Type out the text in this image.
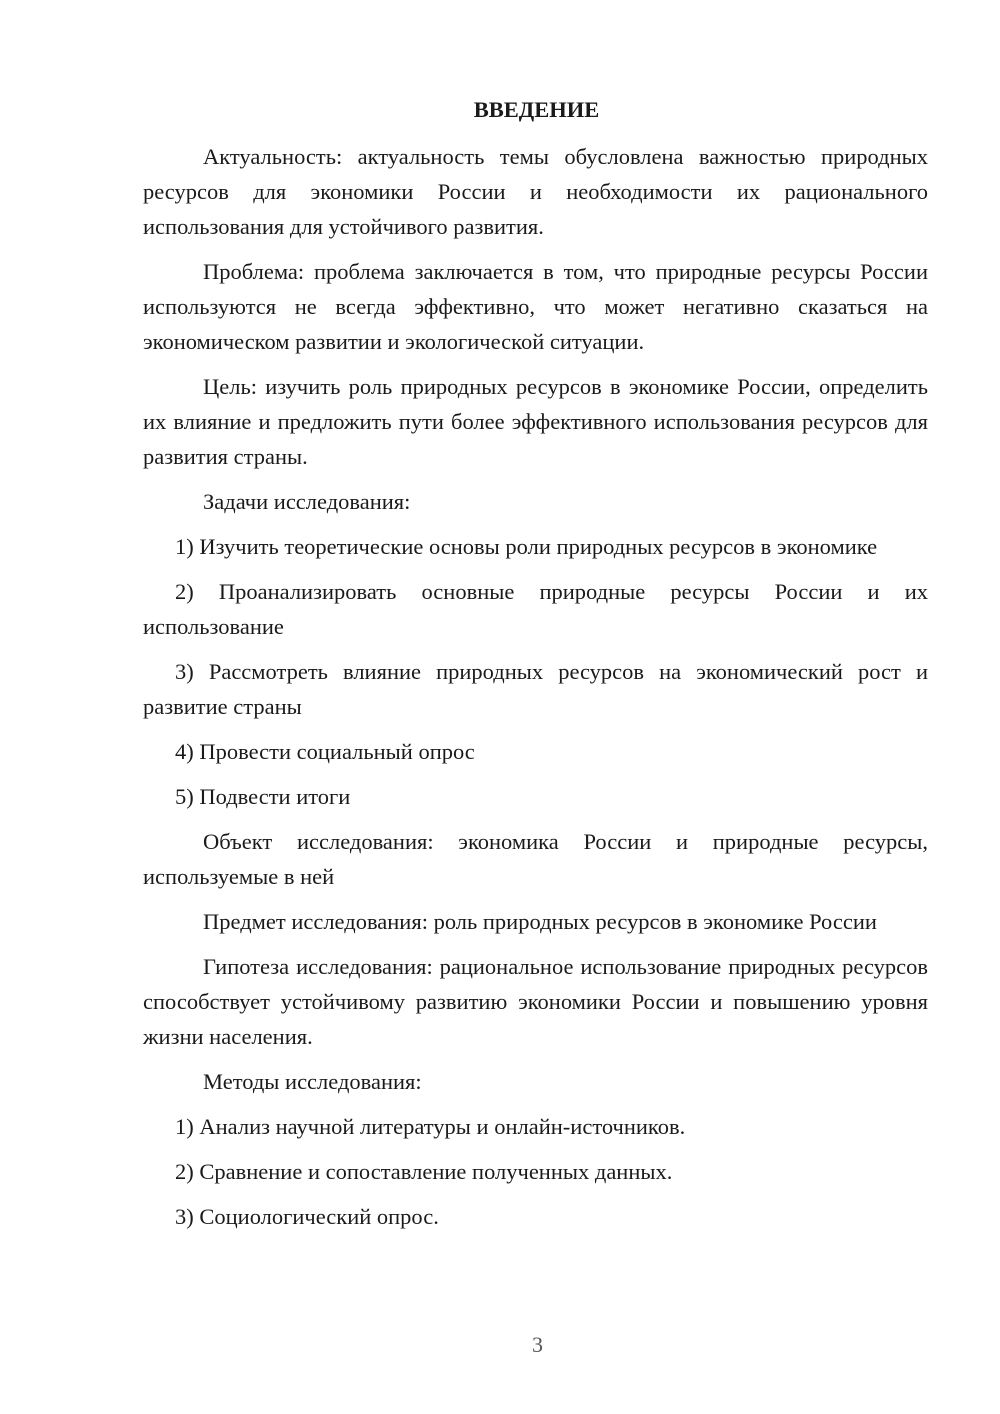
ВВЕДЕНИЕ

Актуальность: актуальность темы обусловлена важностью природных ресурсов для экономики России и необходимости их рационального использования для устойчивого развития.

Проблема: проблема заключается в том, что природные ресурсы России используются не всегда эффективно, что может негативно сказаться на экономическом развитии и экологической ситуации.

Цель: изучить роль природных ресурсов в экономике России, определить их влияние и предложить пути более эффективного использования ресурсов для развития страны.

Задачи исследования:

1) Изучить теоретические основы роли природных ресурсов в экономике

2) Проанализировать основные природные ресурсы России и их использование

3) Рассмотреть влияние природных ресурсов на экономический рост и развитие страны

4) Провести социальный опрос

5) Подвести итоги

Объект исследования: экономика России и природные ресурсы, используемые в ней

Предмет исследования: роль природных ресурсов в экономике России

Гипотеза исследования: рациональное использование природных ресурсов способствует устойчивому развитию экономики России и повышению уровня жизни населения.

Методы исследования:

1) Анализ научной литературы и онлайн-источников.

2) Сравнение и сопоставление полученных данных.

3) Социологический опрос.

3
